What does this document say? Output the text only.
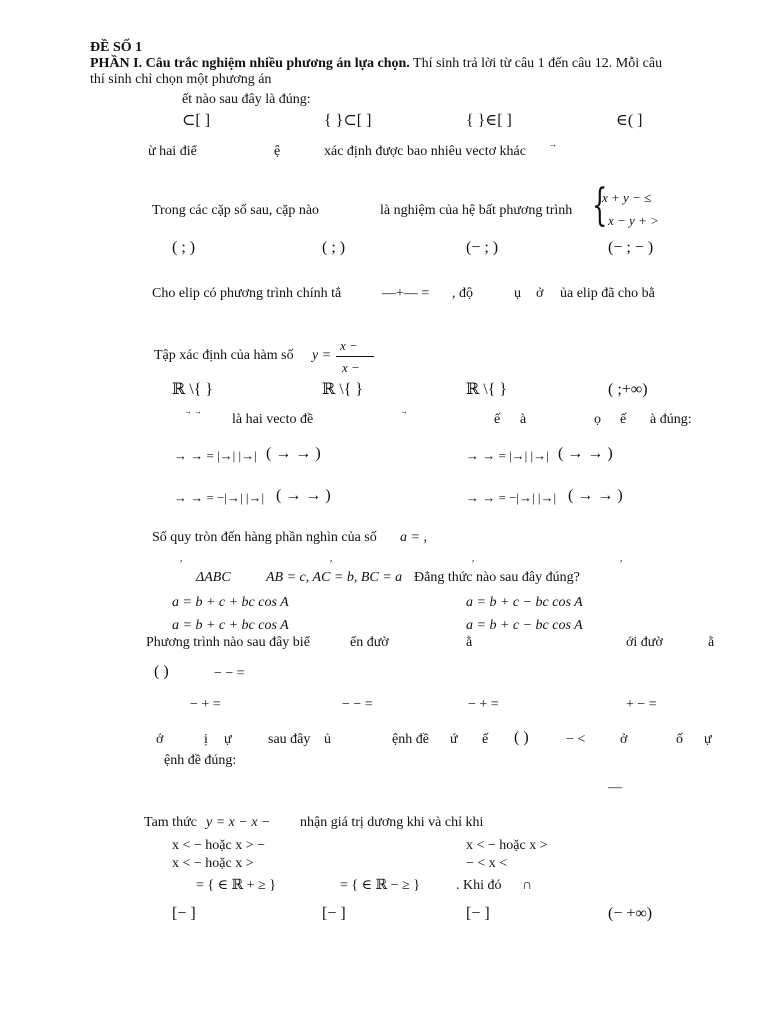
ĐỀ SỐ 1
PHẦN I. Câu trắc nghiệm nhiều phương án lựa chọn. Thí sinh trả lời từ câu 1 đến câu 12. Mỗi câu
thí sinh chỉ chọn một phương án
ết nào sau đây là đúng:
⊂[ ]	{ }⊂[ ]	{ }∈[ ]	∈( ]
ừ hai điể	ệ	xác định được bao nhiêu vectơ khác →
Trong các cặp số sau, cặp nào	là nghiệm của hệ bất phương trình {
x + y − ≤
x − y + >
( ; )	( ; )	(− ; )	(− ; − )
Cho elip có phương trình chính tắ	—+— = , độ	ụ ở ủa elip đã cho bằ
Tập xác định của hàm số y =
x −
x −
ℝ \{ }	ℝ \{ }	ℝ \{ }	( ;+∞)
→ →
là hai vecto đề
→
ế à	ọ ế à đúng:
→ → = |→| |→| ( → → )	→ → = |→| |→| ( → → )
→ → = −|→| |→| ( → → )	→ → = −|→| |→| ( → → )
Số quy tròn đến hàng phần nghìn của số a = ,
′	′	′	′
ΔABC	AB = c, AC = b, BC = a Đẳng thức nào sau đây đúng?
a = b + c + bc cos A	a = b + c − bc cos A
a = b + c + bc cos A	a = b + c − bc cos A
Phương trình nào sau đây biể	ển đườ	ằ	ới đườ	ằ
( )	− − =
− + =	− − =	− + =	+ − =
ớ	ị ự	sau đây ủ	ệnh đề ứ ế ( )	− < ở	ố ự
ệnh đề đúng:
—
Tam thức y = x − x − nhận giá trị dương khi và chỉ khi
x < − hoặc x > −	x < − hoặc x >
x < − hoặc x >	− < x <
= { ∈ ℝ + ≥ }	= { ∈ ℝ − ≥ }	. Khi đó ∩
[− ]	[− ]	[− ]	(− +∞)
